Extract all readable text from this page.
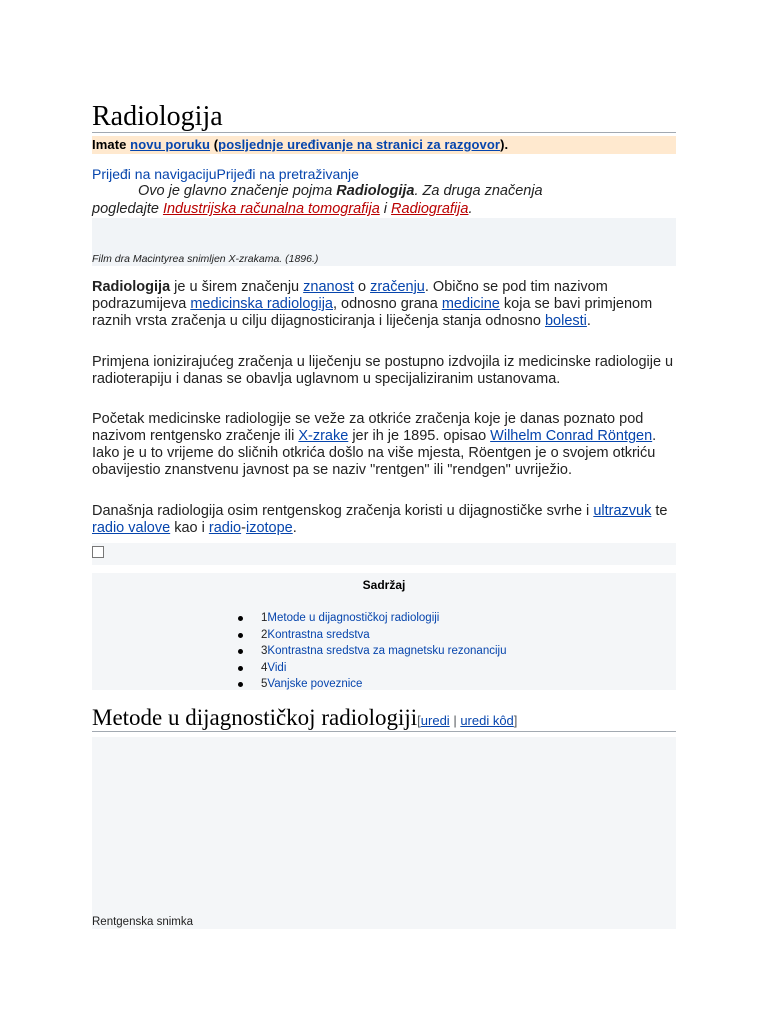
Radiologija
Imate novu poruku (posljednje uređivanje na stranici za razgovor).
Prijeđi na navigacijuPrijeđi na pretraživanje
Ovo je glavno značenje pojma Radiologija. Za druga značenja pogledajte Industrijska računalna tomografija i Radiografija.
Film dra Macintyrea snimljen X-zrakama. (1896.)
Radiologija je u širem značenju znanost o zračenju. Obično se pod tim nazivom podrazumijeva medicinska radiologija, odnosno grana medicine koja se bavi primjenom raznih vrsta zračenja u cilju dijagnosticiranja i liječenja stanja odnosno bolesti.
Primjena ionizirajućeg zračenja u liječenju se postupno izdvojila iz medicinske radiologije u radioterapiju i danas se obavlja uglavnom u specijaliziranim ustanovama.
Početak medicinske radiologije se veže za otkriće zračenja koje je danas poznato pod nazivom rentgensko zračenje ili X-zrake jer ih je 1895. opisao Wilhelm Conrad Röntgen. Iako je u to vrijeme do sličnih otkrića došlo na više mjesta, Röentgen je o svojem otkriću obavijestio znanstvenu javnost pa se naziv "rentgen" ili "rendgen" uvriježio.
Današnja radiologija osim rentgenskog zračenja koristi u dijagnostičke svrhe i ultrazvuk te radio valove kao i radio-izotope.
Sadržaj
1Metode u dijagnostičkoj radiologiji
2Kontrastna sredstva
3Kontrastna sredstva za magnetsku rezonanciju
4Vidi
5Vanjske poveznice
Metode u dijagnostičkoj radiologiji[uredi | uredi kôd]
Rentgenska snimka
